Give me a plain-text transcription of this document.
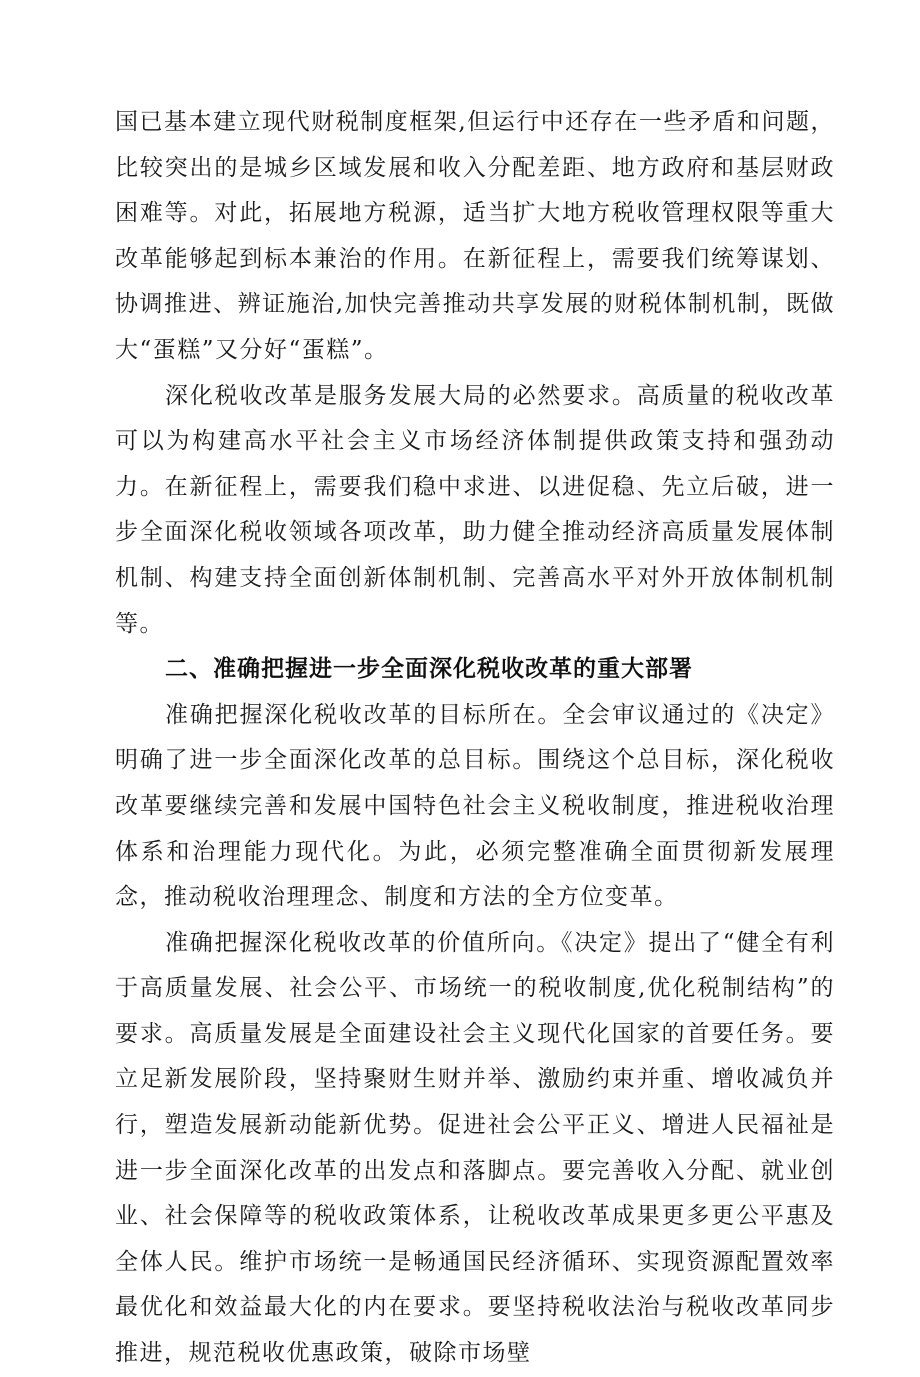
国已基本建立现代财税制度框架,但运行中还存在一些矛盾和问题，比较突出的是城乡区域发展和收入分配差距、地方政府和基层财政困难等。对此，拓展地方税源，适当扩大地方税收管理权限等重大改革能够起到标本兼治的作用。在新征程上，需要我们统筹谋划、协调推进、辨证施治,加快完善推动共享发展的财税体制机制，既做大“蛋糕”又分好“蛋糕”。

深化税收改革是服务发展大局的必然要求。高质量的税收改革可以为构建高水平社会主义市场经济体制提供政策支持和强劲动力。在新征程上，需要我们稳中求进、以进促稳、先立后破，进一步全面深化税收领域各项改革，助力健全推动经济高质量发展体制机制、构建支持全面创新体制机制、完善高水平对外开放体制机制等。

二、准确把握进一步全面深化税收改革的重大部署

准确把握深化税收改革的目标所在。全会审议通过的《决定》明确了进一步全面深化改革的总目标。围绕这个总目标，深化税收改革要继续完善和发展中国特色社会主义税收制度，推进税收治理体系和治理能力现代化。为此，必须完整准确全面贯彻新发展理念，推动税收治理理念、制度和方法的全方位变革。

准确把握深化税收改革的价值所向。《决定》提出了“健全有利于高质量发展、社会公平、市场统一的税收制度,优化税制结构”的要求。高质量发展是全面建设社会主义现代化国家的首要任务。要立足新发展阶段，坚持聚财生财并举、激励约束并重、增收减负并行，塑造发展新动能新优势。促进社会公平正义、增进人民福祉是进一步全面深化改革的出发点和落脚点。要完善收入分配、就业创业、社会保障等的税收政策体系，让税收改革成果更多更公平惠及全体人民。维护市场统一是畅通国民经济循环、实现资源配置效率最优化和效益最大化的内在要求。要坚持税收法治与税收改革同步推进，规范税收优惠政策，破除市场壁
